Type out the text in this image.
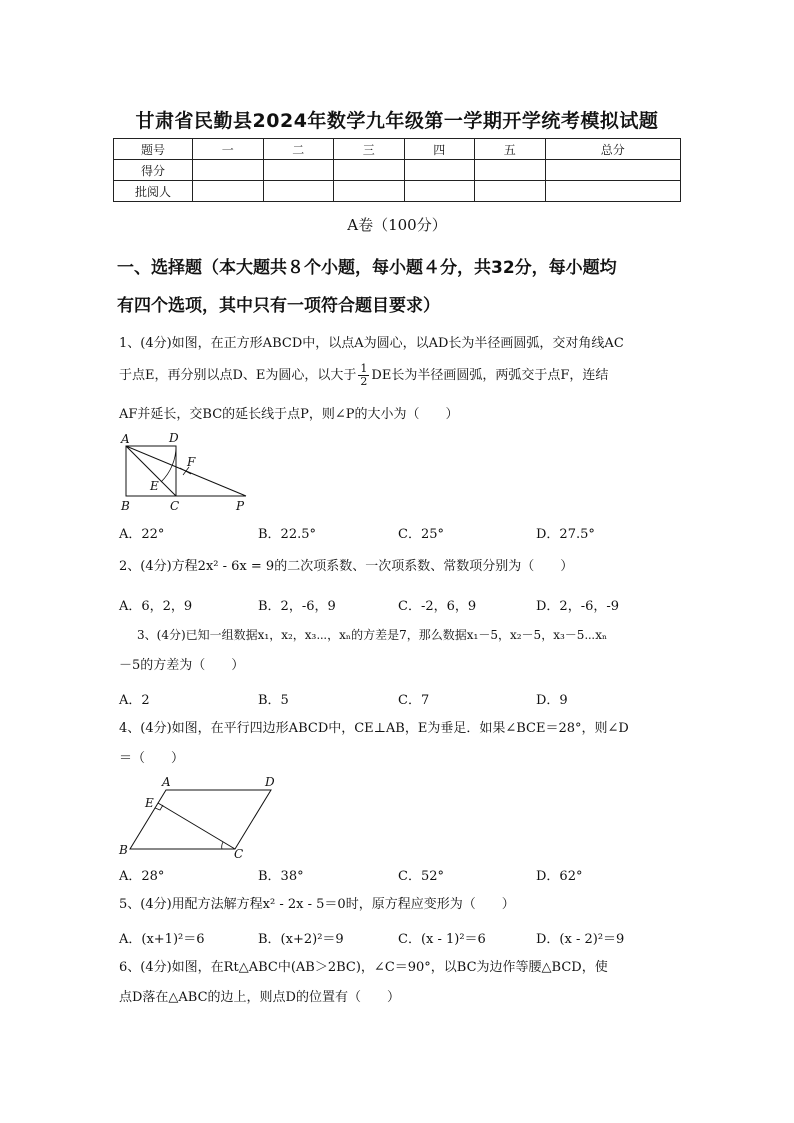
甘肃省民勤县2024年数学九年级第一学期开学统考模拟试题
题号	一	二	三	四	五	总分
得分						
批阅人						
A卷（100分）
一、选择题（本大题共８个小题，每小题４分，共32分，每小题均
有四个选项，其中只有一项符合题目要求）
1、(4分)如图，在正方形ABCD中，以点A为圆心，以AD长为半径画圆弧，交对角线AC
于点E，再分别以点D、E为圆心，以大于 $\frac{1}{2}$ DE长为半径画圆弧，两弧交于点F，连结
AF并延长，交BC的延长线于点P，则∠P的大小为（　　）
A	D
F
E
B	C	P
A．22°	B．22.5°	C．25°	D．27.5°
2、(4分)方程2x² - 6x = 9的二次项系数、一次项系数、常数项分别为（　　）
A．6，2，9	B．2，-6，9	C．-2，6，9	D．2，-6，-9
3、(4分)已知一组数据x₁，x₂，x₃⋯，xₙ的方差是7，那么数据x₁－5，x₂－5，x₃－5⋯xₙ
－5的方差为（　　）
A．2	B．5	C．7	D．9
4、(4分)如图，在平行四边形ABCD中，CE⊥AB，E为垂足．如果∠BCE＝28°，则∠D
＝（　　）
A	D
E
B	C
A．28°	B．38°	C．52°	D．62°
5、(4分)用配方法解方程x² - 2x - 5＝0时，原方程应变形为（　　）
A．(x+1)²＝6	B．(x+2)²＝9	C．(x - 1)²＝6	D．(x - 2)²＝9
6、(4分)如图，在Rt△ABC中(AB＞2BC)，∠C＝90°，以BC为边作等腰△BCD，使
点D落在△ABC的边上，则点D的位置有（　　）
